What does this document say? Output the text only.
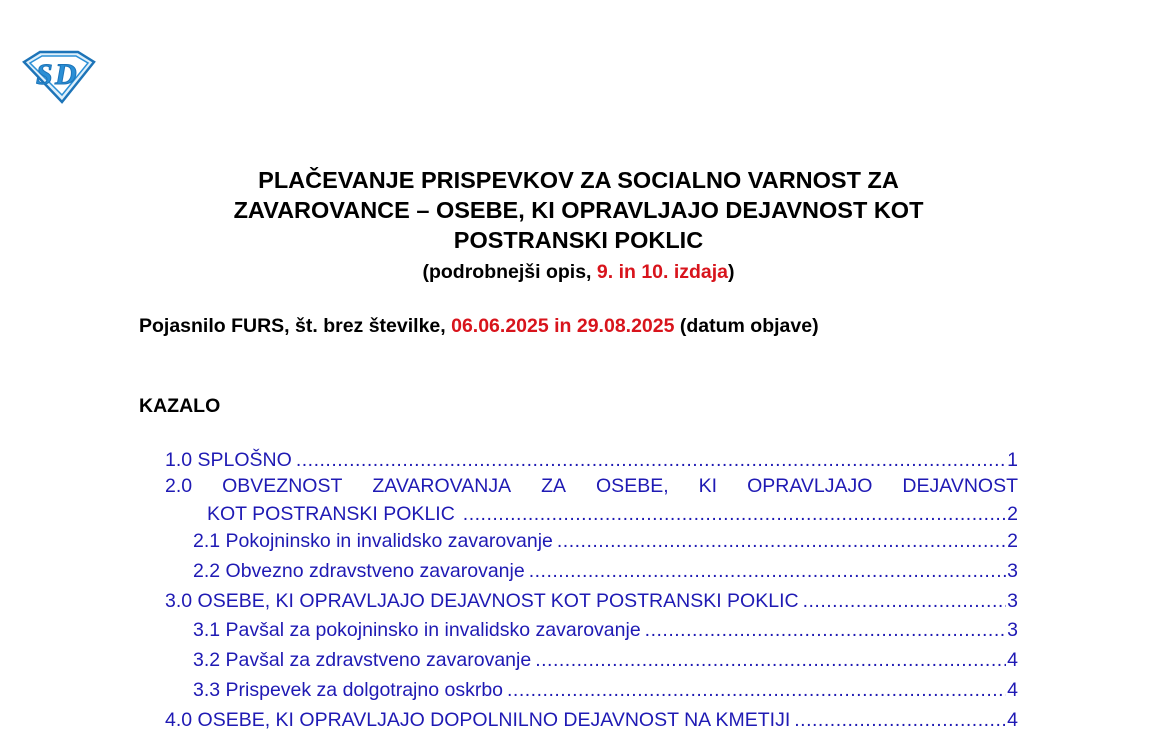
S D
PLAČEVANJE PRISPEVKOV ZA SOCIALNO VARNOST ZA
ZAVAROVANCE – OSEBE, KI OPRAVLJAJO DEJAVNOST KOT
POSTRANSKI POKLIC
(podrobnejši opis, 9. in 10. izdaja)
Pojasnilo FURS, št. brez številke, 06.06.2025 in 29.08.2025 (datum objave)
KAZALO
1.0 SPLOŠNO .....	1
2.0 OBVEZNOST ZAVAROVANJA ZA OSEBE, KI OPRAVLJAJO DEJAVNOST
KOT POSTRANSKI POKLIC .....	2
2.1 Pokojninsko in invalidsko zavarovanje .....	2
2.2 Obvezno zdravstveno zavarovanje .....	3
3.0 OSEBE, KI OPRAVLJAJO DEJAVNOST KOT POSTRANSKI POKLIC .....	3
3.1 Pavšal za pokojninsko in invalidsko zavarovanje .....	3
3.2 Pavšal za zdravstveno zavarovanje .....	4
3.3 Prispevek za dolgotrajno oskrbo .....	4
4.0 OSEBE, KI OPRAVLJAJO DOPOLNILNO DEJAVNOST NA KMETIJI .....	4
